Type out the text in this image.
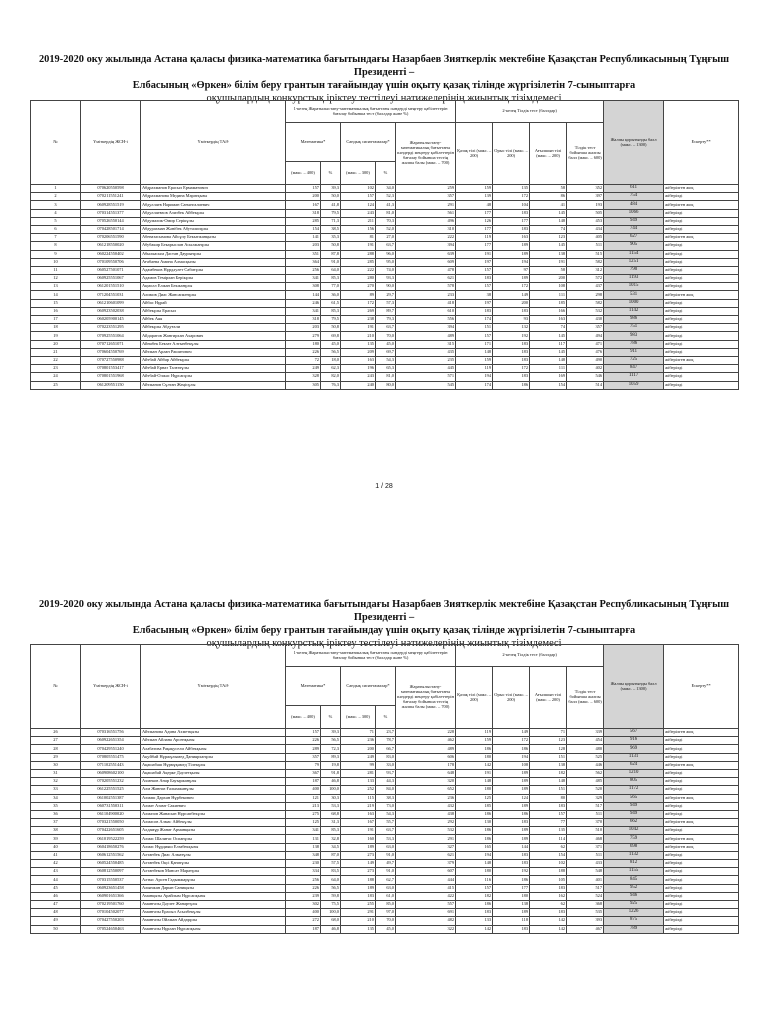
2019-2020 оку жылында Астана қаласы физика-математика бағытындағы Назарбаев Зияткерлік мектебіне Қазақстан Республикасының Тұңғыш Президенті –
Елбасының «Өркен» білім беру грантын тағайындау үшін оқыту қазақ тілінде жүргізілетін 7-сыныптарға
оқушылардың конкурстық іріктеу тестілеуі нәтижелерінің жиынтық тізімдемесі
№	Үміткердің ЖСН-і	Үміткердің ТАӘ	1-кезең Жаратылыстану-математикалық бағыттағы пәндерді меңгеру қабілеттерін бағалау бойынша тест (баллдар және %)					2-кезең Тілдік тест (баллдар)				Жалпы қорытынды балл (макс. – 1300)	Ескерту**
			Математика*		Сандық сипаттамалар*		Жаратылыстану-математикалық бағыттағы пәндерді меңгеру қабілеттерін бағалау бойынша тестің жалпы балы (макс. – 700)	Қазақ тілі (макс. – 200)	Орыс тілі (макс. – 200)	Ағылшын тілі (макс. – 200)	Тілдік тест бойынша жалпы балл (макс. – 600)		
			(макс. – 400)	%	(макс. – 300)	%							
1	070620550598	Абдрахманов Ерасыл Ермаматович	157	39,3	102	34,0	259	159	135	58	352	611	жіберілген жоқ
2	070211551241	Абдрахманова Медина Маратқызы	200	50,0	157	52,3	357	139	172	86	397	754	жіберілді
3	060928551519	Абдуллаев Нариман Сағынгалиевич	167	41,8	124	41,3	291	48	104	41	193	484	жіберілген жоқ
4	070314551377	Абдуллаевзов Азизбек Айбекұлы	318	79,5	243	81,0	561	177	183	145	505	1066	жіберілді
5	070526550144	Абдумалик-Омир Серікұлы	285	71,3	211	70,3	496	126	177	148	453	949	жіберілді
6	070428501714	Абдурахман Жәнібек Абуталипұлы	154	38,5	156	52,0	310	177	183	74	434	744	жіберілді
7	070206551590	Абеназасымова Айсұлу Бекытжанқызы	141	35,3	81	27,0	222	119	163	123	405	627	жіберілген жоқ
8	061218550020	Абубакир Бекарыслан Асылжанұлы	203	50,8	191	63,7	394	177	189	145	511	905	жіберілді
9	060224550402	Абылкасым Дастан Даурынұлы	351	87,8	288	96,0	639	191	189	138	515	1154	жіберілді
10	070109550706	Ағабаева Амина Алмасқызы	364	91,0	285	95,0	609	197	194	191	582	1251	жіберілді
11	060527501071	Адамбеков Нұрдәулет Сабитұлы	256	64,0	222	74,0	478	157	97	58	312	790	жіберілді
12	060925551067	Адамов Темірлан Берікұлы	341	85,3	280	93,3	621	183	189	200	572	1193	жіберілді
13	061201551510	Ақмолл Елжан Бекжанұлы	308	77,0	270	90,0	578	157	172	108	437	1015	жіберілді
14	071204551031	Алимов Диас Жансапкенұлы	144	36,0	89	29,7	233	38	149	111	298	531	жіберілген жоқ
15	061210601099	Айбас Нұрай	246	61,5	172	57,3	418	197	200	185	582	1000	жіберілді
16	060923502038	Айбекұлы Ерасыл	341	85,3	269	89,7	610	183	183	166	532	1142	жіберілді
17	060205900145	Айбек Аяя	318	79,5	238	79,3	556	174	93	163	430	986	жіберілді
18	070223551295	Айбекұлы Абдуғали	203	50,8	191	63,7	394	151	132	74	357	751	жіберілді
19	070925551064	Айдаратов Жангирхан Ахарович	279	69,8	210	70,0	489	157	192	145	494	983	жіберілді
20	070712651071	Айнабек Бекзат Алтынбекұлы	180	45,0	135	45,0	315	171	183	117	471	786	жіберілді
21	070604550769	Айтжан Арлан Рашитович	226	56,5	209	69,7	435	148	183	145	476	911	жіберілді
22	070727550988	Айтбай Айбар Айбекұлы	72	18,0	163	54,3	235	159	183	148	490	725	жіберілген жоқ
23	070801553417	Айтбай Ерназ Талғатұлы	249	62,3	196	65,3	445	119	172	111	402	847	жіберілді
24	070801551968	Айтбай-Олжас Нұрсапұлы	328	82,0	243	81,0	571	194	183	169	546	1117	жіберілді
25	061209551150	Айтжанов Сұлтан Жеңісұлы	305	76,3	240	80,0	545	174	186	154	514	1059	жіберілді
1 / 28
2019-2020 оку жылында Астана қаласы физика-математика бағытындағы Назарбаев Зияткерлік мектебіне Қазақстан Республикасының Тұңғыш Президенті –
Елбасының «Өркен» білім беру грантын тағайындау үшін оқыту қазақ тілінде жүргізілетін 7-сыныптарға
оқушылардың конкурстық іріктеу тестілеуі нәтижелерінің жиынтық тізімдемесі
№	Үміткердің ЖСН-і	Үміткердің ТАӘ	1-кезең Жаратылыстану-математикалық бағыттағы пәндерді меңгеру қабілеттерін бағалау бойынша тест (баллдар және %)					2-кезең Тілдік тест (баллдар)				Жалпы қорытынды балл (макс. – 1300)	Ескерту**
			Математика*		Сандық сипаттамалар*		Жаратылыстану-математикалық бағыттағы пәндерді меңгеру қабілеттерін бағалау бойынша тестің жалпы балы (макс. – 700)	Қазақ тілі (макс. – 200)	Орыс тілі (макс. – 200)	Ағылшын тілі (макс. – 200)	Тілдік тест бойынша жалпы балл (макс. – 600)		
			(макс. – 400)	%	(макс. – 300)	%							
26	070316551756	Айтжанова Адина Ахметқызы	157	39,3	71	23,7	228	119	149	71	339	567	жіберілген жоқ
27	060922651354	Айтжан Айлана Арсенқызы	226	56,5	236	78,7	462	159	172	123	454	916	жіберілді
28	070429551240	Алабатова Рақақусели Айбекқызы	289	72,3	200	66,7	489	186	186	128	480	969	жіберілді
29	070805551475	Ақуйбай Нұржұлымед Даниярханұлы	357	89,3	249	83,0	606	180	194	151	525	1131	жіберілді
30	071102551443	Ақашабаш Нұрмұқамед Тілекұлы	79	19,8	99	33,0	178	142	108	138	446	624	жіберілген жоқ
31	060908602100	Ақашабай Ақерке Дәулетқызы	367	91,8	281	93,7	648	191	189	182	562	1210	жіберілді
32	070205551232	Ахмеков Анар Бауыржанұлы	187	46,8	133	44,3	320	148	189	148	485	805	жіберілді
33	061225551525	Алм Жанназ Ғалымжанұлы	400	100,0	252	84,0	652	180	189	151	520	1172	жіберілді
34	061002551387	Алмаш Дархан Нұрбекович	121	30,3	115	38,3	236	125	124	80	329	565	жіберілген жоқ
35	060731550311	Алмат Азамт Сакиевич	213	53,3	219	73,0	432	185	189	183	517	949	жіберілді
36	061104900020	Алмазов Жанасын Нұрсапбекұлы	275	68,8	163	54,3	438	186	186	157	511	949	жіберілді
37	070321550050	Алмасов Алмас Айбекұлы	125	31,3	167	55,7	292	130	183	77	370	662	жіберілген жоқ
38	070422651605	Алдамұр Жанат Арманқызы	341	85,3	191	63,7	532	186	189	135	510	1042	жіберілді
39	061019522259	Алмас Шалиғас Оспанұлы	131	32,8	160	53,3	291	186	189	114	468	759	жіберілген жоқ
40	060418650276	Алмас Нұрдияш Елзабекқызы	138	34,5	189	63,0	327	165	144	62	371	698	жіберілген жоқ
41	060612551562	Алтанбек Диас Алматұлы	348	87,0	273	91,0	621	194	183	154	511	1132	жіберілді
42	060524550485	Алтанбек Оқсі Қанатұлы	230	57,5	149	49,7	379	148	183	102	433	812	жіберілді
43	060812550097	Алтанбеков Мансат Маратұлы	334	83,5	273	91,0	607	180	192	188	548	1155	жіберілді
44	070315550537	Алтыс Арсен Гадымжарұлы	256	64,0	188	62,7	444	116	186	105	401	845	жіберілді
45	060923651458	Алынжан Дарын Саниқызы	226	56,5	189	63,0	415	157	177	183	517	952	жіберілді
46	060901651366	Аманқызы Арайлым Нұрсапқызы	239	59,8	183	61,0	422	182	180	162	524	946	жіберілді
47	070219501760	Аманғазы Дәулет Жанартұлы	302	75,5	255	85,0	557	186	138	62	368	925	жіберілді
48	070104502077	Аманғазы Ерасыл Асылбекұлы	400	100,0	291	97,0	691	183	189	183	535	1226	жіберілді
49	070427550203	Аманғазы Ойлжан Айдарұлы	272	68,0	210	70,0	482	133	118	142	393	875	жіберілді
50	070524650463	Аманғазы Нұрлан Нұрсапқызы	187	46,8	135	45,0	322	142	183	142	467	789	жіберілді
